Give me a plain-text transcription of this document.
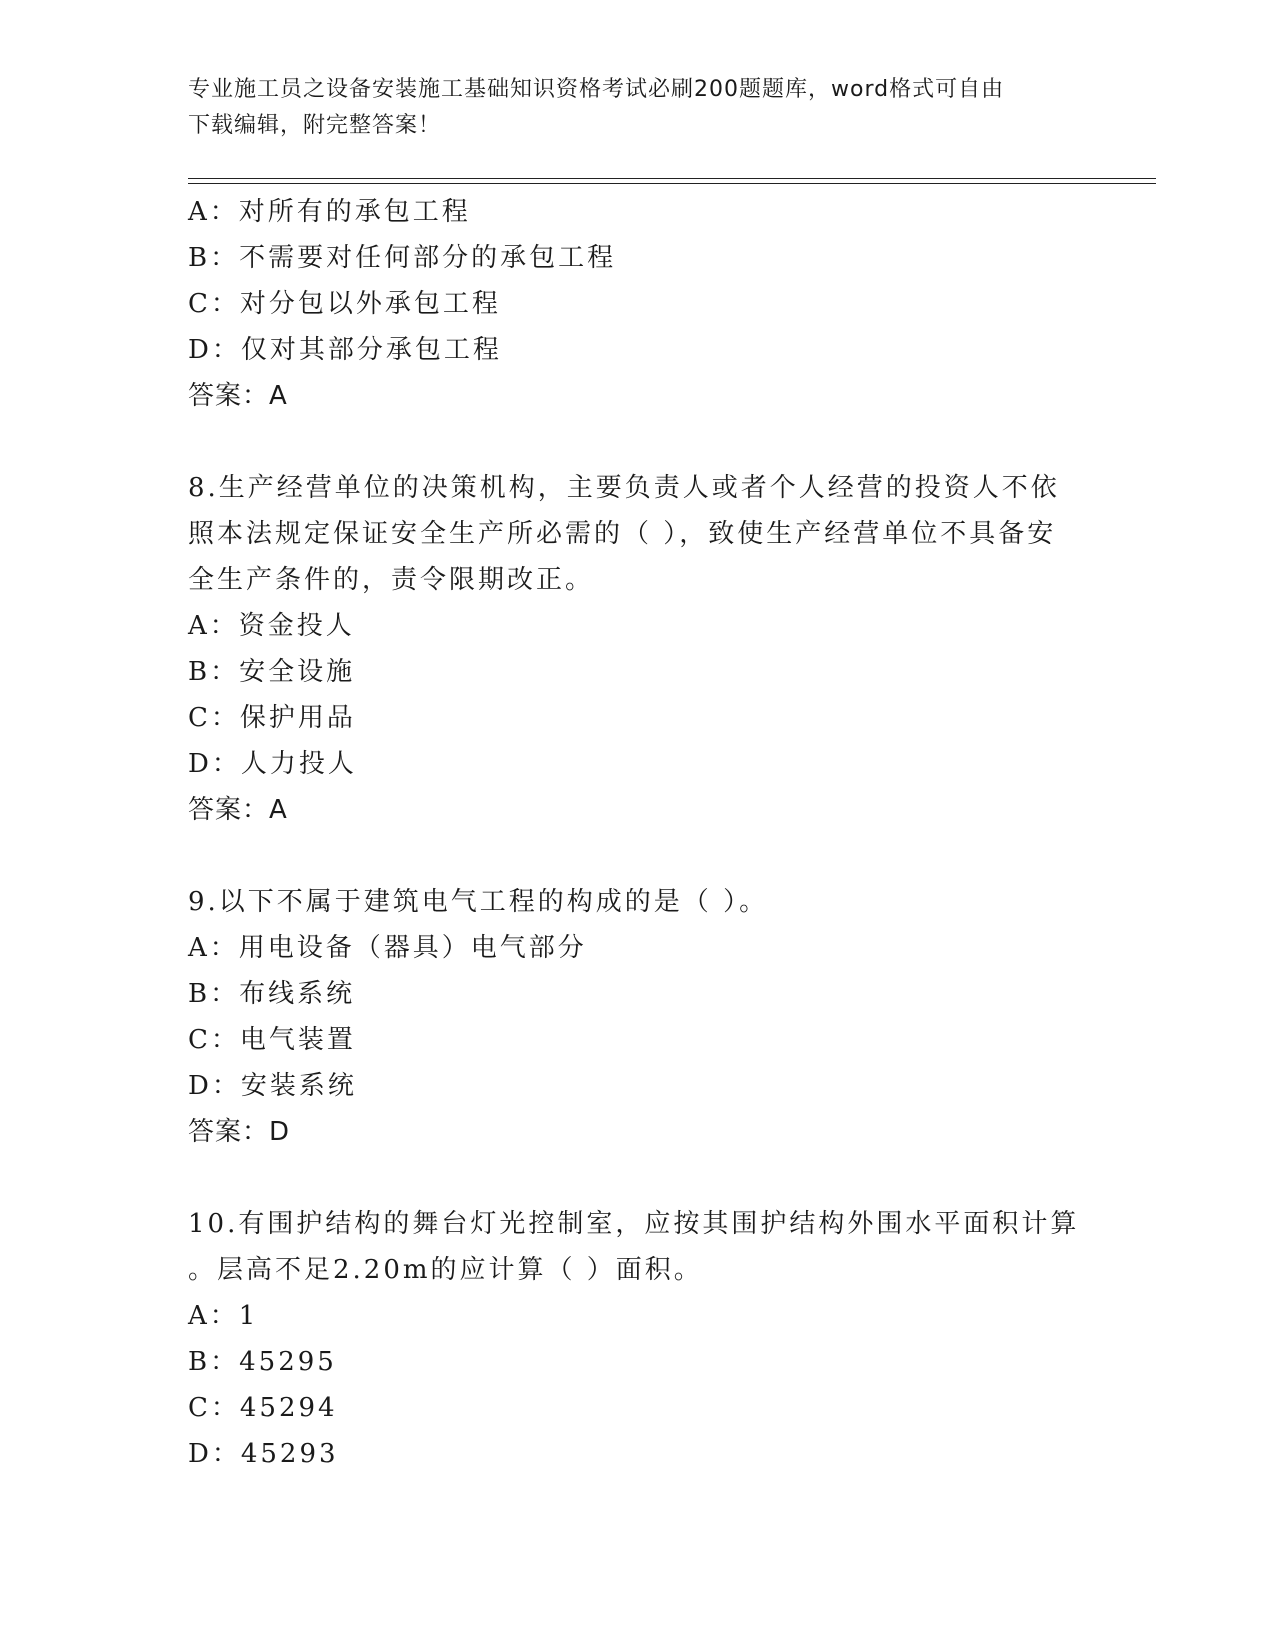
专业施工员之设备安装施工基础知识资格考试必刷200题题库，word格式可自由
下载编辑，附完整答案！
A：对所有的承包工程
B：不需要对任何部分的承包工程
C：对分包以外承包工程
D：仅对其部分承包工程
答案：A
8.生产经营单位的决策机构，主要负责人或者个人经营的投资人不依
照本法规定保证安全生产所必需的（ ），致使生产经营单位不具备安
全生产条件的，责令限期改正。
A：资金投人
B：安全设施
C：保护用品
D：人力投人
答案：A
9.以下不属于建筑电气工程的构成的是（ ）。
A：用电设备（器具）电气部分
B：布线系统
C：电气装置
D：安装系统
答案：D
10.有围护结构的舞台灯光控制室，应按其围护结构外围水平面积计算
。层高不足2.20m的应计算（ ）面积。
A：1
B：45295
C：45294
D：45293
